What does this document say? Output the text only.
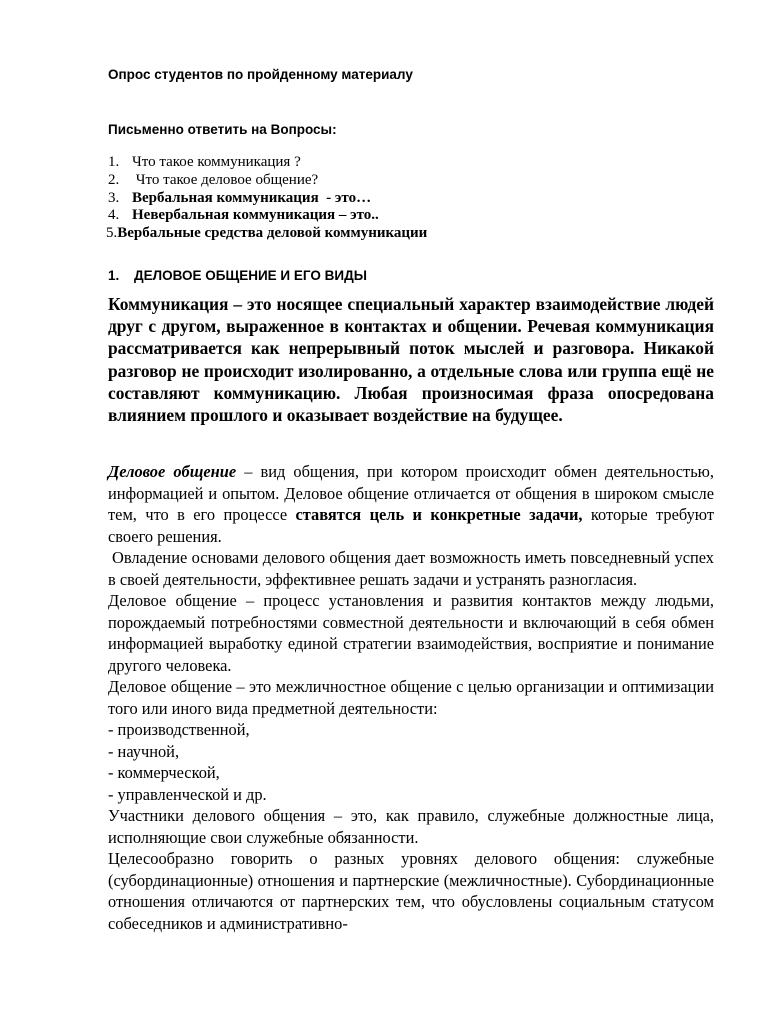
Опрос студентов по пройденному материалу

Письменно ответить на Вопросы:

1. Что такое коммуникация ?
2. Что такое деловое общение?
3. Вербальная коммуникация  - это…
4. Невербальная коммуникация – это..
5. Вербальные средства деловой коммуникации

1. ДЕЛОВОЕ ОБЩЕНИЕ И ЕГО ВИДЫ

Коммуникация – это носящее специальный характер взаимодействие людей друг с другом, выраженное в контактах и общении. Речевая коммуникация рассматривается как непрерывный поток мыслей и разговора. Никакой разговор не происходит изолированно, а отдельные слова или группа ещё не составляют коммуникацию. Любая произносимая фраза опосредована влиянием прошлого и оказывает воздействие на будущее.

Деловое общение – вид общения, при котором происходит обмен деятельностью, информацией и опытом. Деловое общение отличается от общения в широком смысле тем, что в его процессе ставятся цель и конкретные задачи, которые требуют своего решения.

Овладение основами делового общения дает возможность иметь повседневный успех в своей деятельности, эффективнее решать задачи и устранять разногласия.

Деловое общение – процесс установления и развития контактов между людьми, порождаемый потребностями совместной деятельности и включающий в себя обмен информацией выработку единой стратегии взаимодействия, восприятие и понимание другого человека.

Деловое общение – это межличностное общение с целью организации и оптимизации того или иного вида предметной деятельности:

- производственной,
- научной,
- коммерческой,
- управленческой и др.

Участники делового общения – это, как правило, служебные должностные лица, исполняющие свои служебные обязанности.

Целесообразно говорить о разных уровнях делового общения: служебные (субординационные) отношения и партнерские (межличностные). Субординационные отношения отличаются от партнерских тем, что обусловлены социальным статусом собеседников и административно-
